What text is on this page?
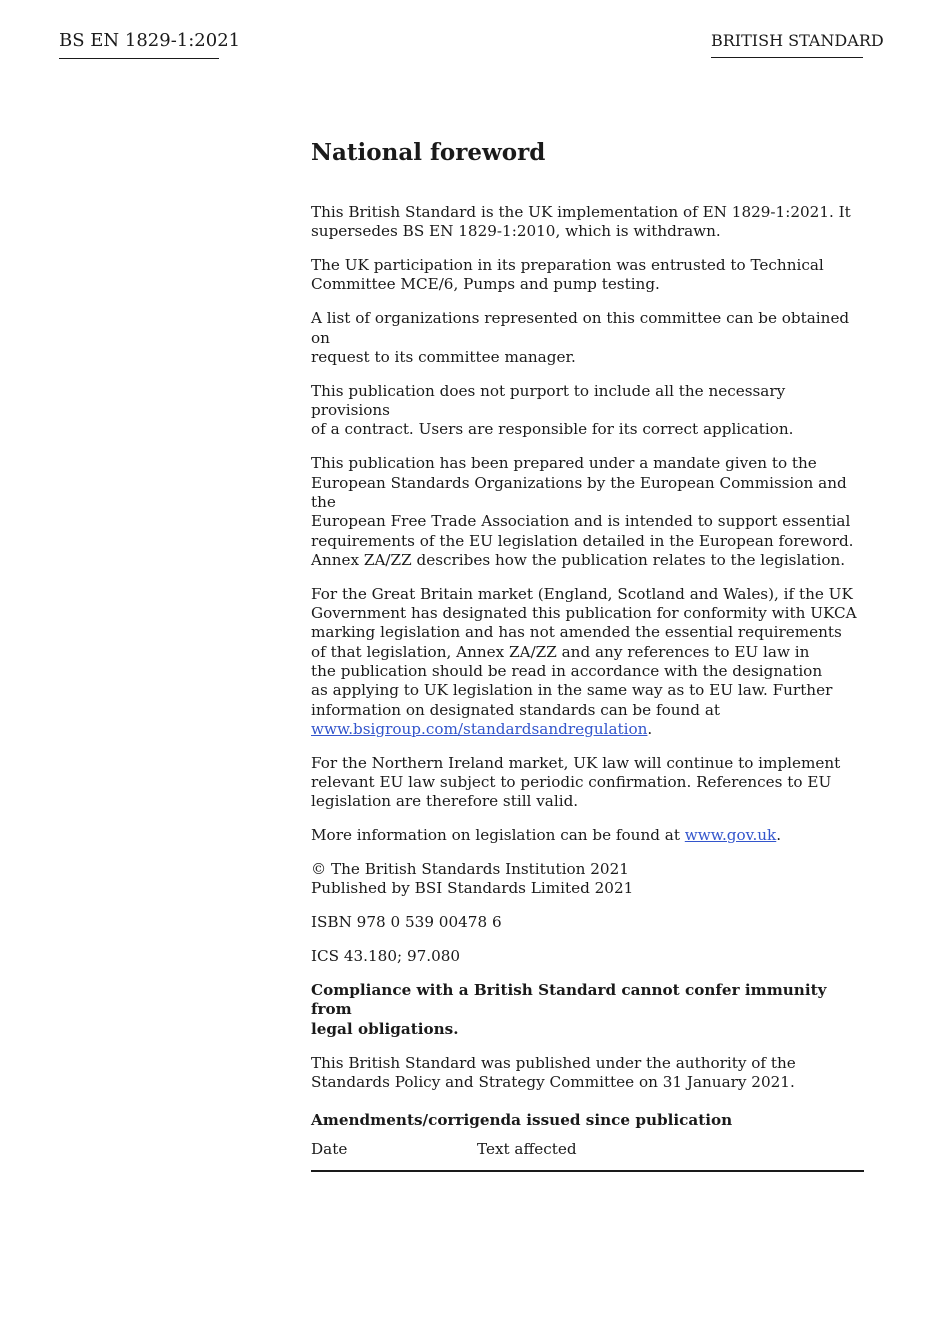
BS EN 1829-1:2021	BRITISH STANDARD
National foreword

This British Standard is the UK implementation of EN 1829-1:2021. It
supersedes BS EN 1829-1:2010, which is withdrawn.

The UK participation in its preparation was entrusted to Technical
Committee MCE/6, Pumps and pump testing.

A list of organizations represented on this committee can be obtained on
request to its committee manager.

This publication does not purport to include all the necessary provisions
of a contract. Users are responsible for its correct application.

This publication has been prepared under a mandate given to the
European Standards Organizations by the European Commission and the
European Free Trade Association and is intended to support essential
requirements of the EU legislation detailed in the European foreword.
Annex ZA/ZZ describes how the publication relates to the legislation.

For the Great Britain market (England, Scotland and Wales), if the UK
Government has designated this publication for conformity with UKCA
marking legislation and has not amended the essential requirements
of that legislation, Annex ZA/ZZ and any references to EU law in
the publication should be read in accordance with the designation
as applying to UK legislation in the same way as to EU law. Further
information on designated standards can be found at
www.bsigroup.com/standardsandregulation.

For the Northern Ireland market, UK law will continue to implement
relevant EU law subject to periodic confirmation. References to EU
legislation are therefore still valid.

More information on legislation can be found at www.gov.uk.

© The British Standards Institution 2021
Published by BSI Standards Limited 2021

ISBN 978 0 539 00478 6

ICS 43.180; 97.080

Compliance with a British Standard cannot confer immunity from
legal obligations.

This British Standard was published under the authority of the
Standards Policy and Strategy Committee on 31 January 2021.

Amendments/corrigenda issued since publication
Date	Text affected
